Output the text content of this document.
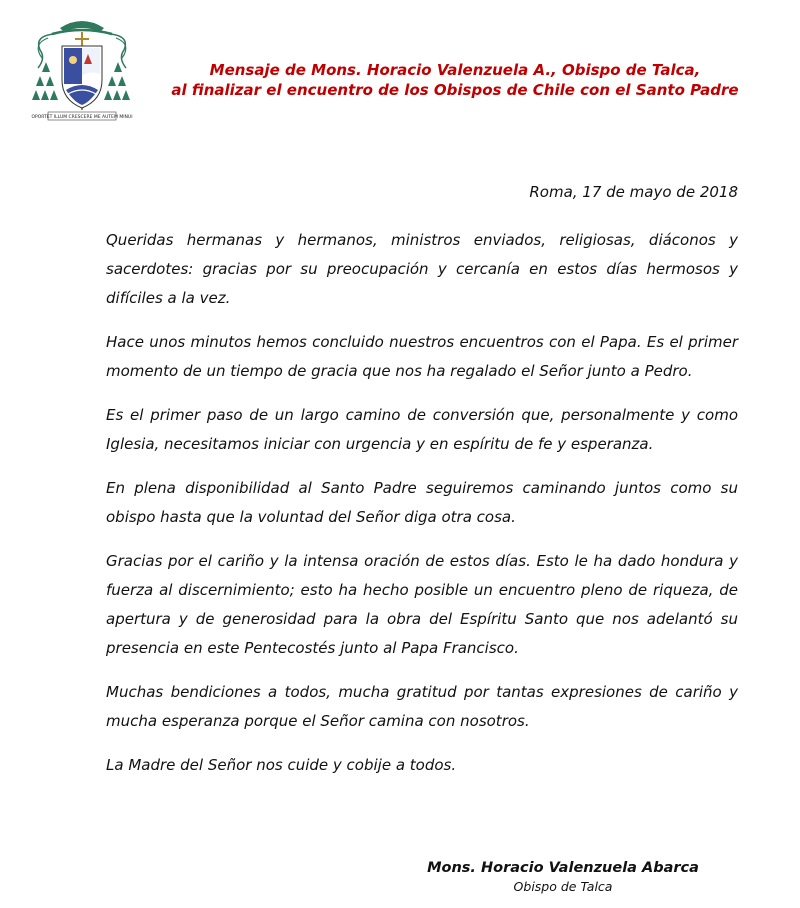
OPORTET ILLUM CRESCERE ME AUTEM MINUI
Mensaje de Mons. Horacio Valenzuela A., Obispo de Talca,
al finalizar el encuentro de los Obispos de Chile con el Santo Padre
Roma, 17 de mayo de 2018

Queridas hermanas y hermanos, ministros enviados, religiosas, diáconos y sacerdotes: gracias por su preocupación y cercanía en estos días hermosos y difíciles a la vez.

Hace unos minutos hemos concluido nuestros encuentros con el Papa. Es el primer momento de un tiempo de gracia que nos ha regalado el Señor junto a Pedro.

Es el primer paso de un largo camino de conversión que, personalmente y como Iglesia, necesitamos iniciar con urgencia y en espíritu de fe y esperanza.

En plena disponibilidad al Santo Padre seguiremos caminando juntos como su obispo hasta que la voluntad del Señor diga otra cosa.

Gracias por el cariño y la intensa oración de estos días. Esto le ha dado hondura y fuerza al discernimiento; esto ha hecho posible un encuentro pleno de riqueza, de apertura y de generosidad para la obra del Espíritu Santo que nos adelantó su presencia en este Pentecostés junto al Papa Francisco.

Muchas bendiciones a todos, mucha gratitud por tantas expresiones de cariño y mucha esperanza porque el Señor camina con nosotros.

La Madre del Señor nos cuide y cobije a todos.

Mons. Horacio Valenzuela Abarca
Obispo de Talca
